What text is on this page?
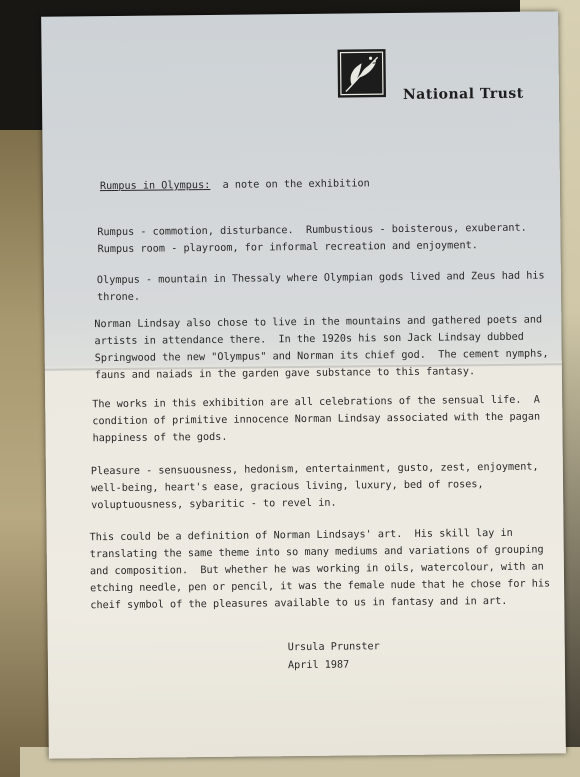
National Trust
Rumpus in Olympus: a note on the exhibition
Rumpus - commotion, disturbance.  Rumbustious - boisterous, exuberant.
Rumpus room - playroom, for informal recreation and enjoyment.
Olympus - mountain in Thessaly where Olympian gods lived and Zeus had his
throne.
Norman Lindsay also chose to live in the mountains and gathered poets and
artists in attendance there.  In the 1920s his son Jack Lindsay dubbed
Springwood the new "Olympus" and Norman its chief god.  The cement nymphs,
fauns and naiads in the garden gave substance to this fantasy.
The works in this exhibition are all celebrations of the sensual life.  A
condition of primitive innocence Norman Lindsay associated with the pagan
happiness of the gods.
Pleasure - sensuousness, hedonism, entertainment, gusto, zest, enjoyment,
well-being, heart's ease, gracious living, luxury, bed of roses,
voluptuousness, sybaritic - to revel in.
This could be a definition of Norman Lindsays' art.  His skill lay in
translating the same theme into so many mediums and variations of grouping
and composition.  But whether he was working in oils, watercolour, with an
etching needle, pen or pencil, it was the female nude that he chose for his
cheif symbol of the pleasures available to us in fantasy and in art.
Ursula Prunster
April 1987
